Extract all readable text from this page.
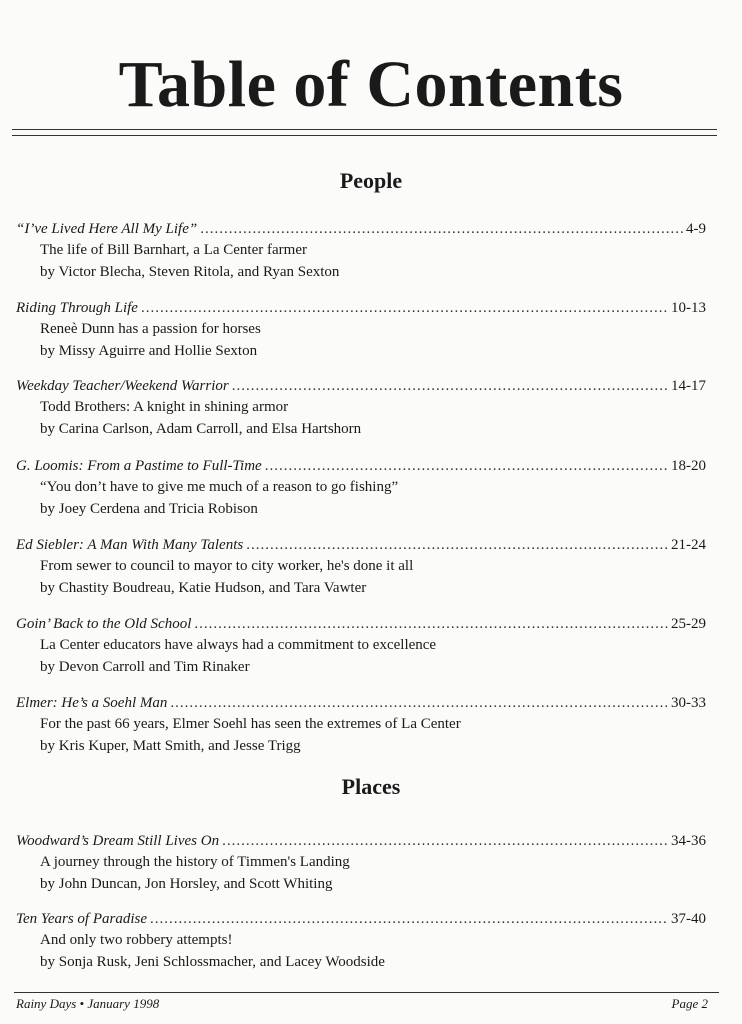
Table of Contents
People
“I’ve Lived Here All My Life” .....	4-9
The life of Bill Barnhart, a La Center farmer
by Victor Blecha, Steven Ritola, and Ryan Sexton
Riding Through Life .....	10-13
Reneѐ Dunn has a passion for horses
by Missy Aguirre and Hollie Sexton
Weekday Teacher/Weekend Warrior .....	14-17
Todd Brothers: A knight in shining armor
by Carina Carlson, Adam Carroll, and Elsa Hartshorn
G. Loomis: From a Pastime to Full-Time .....	18-20
“You don’t have to give me much of a reason to go fishing”
by Joey Cerdena and Tricia Robison
Ed Siebler: A Man With Many Talents .....	21-24
From sewer to council to mayor to city worker, he's done it all
by Chastity Boudreau, Katie Hudson, and Tara Vawter
Goin’ Back to the Old School .....	25-29
La Center educators have always had a commitment to excellence
by Devon Carroll and Tim Rinaker
Elmer: He’s a Soehl Man .....	30-33
For the past 66 years, Elmer Soehl has seen the extremes of La Center
by Kris Kuper, Matt Smith, and Jesse Trigg
Places
Woodward’s Dream Still Lives On .....	34-36
A journey through the history of Timmen's Landing
by John Duncan, Jon Horsley, and Scott Whiting
Ten Years of Paradise .....	37-40
And only two robbery attempts!
by Sonja Rusk, Jeni Schlossmacher, and Lacey Woodside
Rainy Days • January 1998	Page 2
